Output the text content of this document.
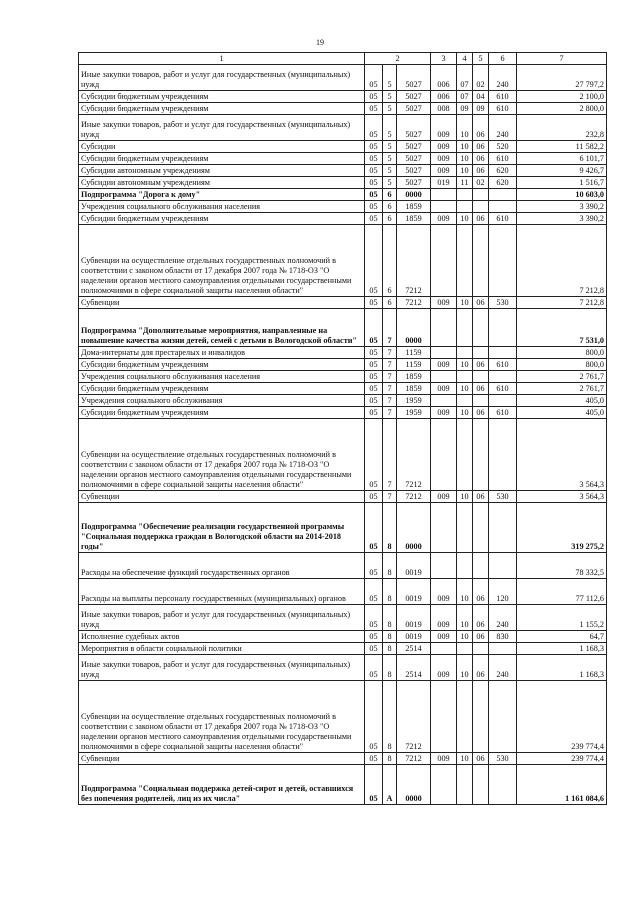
19
1	2			3	4	5	6	7
Иные закупки товаров, работ и услуг для государственных (муниципальных) нужд	05	5	5027	006	07	02	240	27 797,2
Субсидии бюджетным учреждениям	05	5	5027	006	07	04	610	2 100,0
Субсидии бюджетным учреждениям	05	5	5027	008	09	09	610	2 800,0
Иные закупки товаров, работ и услуг для государственных (муниципальных) нужд	05	5	5027	009	10	06	240	232,8
Субсидии	05	5	5027	009	10	06	520	11 582,2
Субсидии бюджетным учреждениям	05	5	5027	009	10	06	610	6 101,7
Субсидии автономным учреждениям	05	5	5027	009	10	06	620	9 426,7
Субсидии автономным учреждениям	05	5	5027	019	11	02	620	1 516,7
Подпрограмма "Дорога к дому"	05	6	0000					10 603,0
Учреждения социального обслуживания населения	05	6	1859					3 390,2
Субсидии бюджетным учреждениям	05	6	1859	009	10	06	610	3 390,2
Субвенции на осуществление отдельных государственных полномочий в соответствии с законом области от 17 декабря 2007 года № 1718-ОЗ "О наделении органов местного самоуправления отдельными государственными полномочиями в сфере социальной защиты населения области"	05	6	7212					7 212,8
Субвенции	05	6	7212	009	10	06	530	7 212,8
Подпрограмма "Дополнительные мероприятия, направленные на повышение качества жизни детей, семей с детьми в Вологодской области"	05	7	0000					7 531,0
Дома-интернаты для престарелых и инвалидов	05	7	1159					800,0
Субсидии бюджетным учреждениям	05	7	1159	009	10	06	610	800,0
Учреждения социального обслуживания населения	05	7	1859					2 761,7
Субсидии бюджетным учреждениям	05	7	1859	009	10	06	610	2 761,7
Учреждения социального обслуживания	05	7	1959					405,0
Субсидии бюджетным учреждениям	05	7	1959	009	10	06	610	405,0
Субвенции на осуществление отдельных государственных полномочий в соответствии с законом области от 17 декабря 2007 года № 1718-ОЗ "О наделении органов местного самоуправления отдельными государственными полномочиями в сфере социальной защиты населения области"	05	7	7212					3 564,3
Субвенции	05	7	7212	009	10	06	530	3 564,3
Подпрограмма "Обеспечение реализации государственной программы "Социальная поддержка граждан в Вологодской области на 2014-2018 годы"	05	8	0000					319 275,2
Расходы на обеспечение функций государственных органов	05	8	0019					78 332,5
Расходы на выплаты персоналу государственных (муниципальных) органов	05	8	0019	009	10	06	120	77 112,6
Иные закупки товаров, работ и услуг для государственных (муниципальных) нужд	05	8	0019	009	10	06	240	1 155,2
Исполнение судебных актов	05	8	0019	009	10	06	830	64,7
Мероприятия в области социальной политики	05	8	2514					1 168,3
Иные закупки товаров, работ и услуг для государственных (муниципальных) нужд	05	8	2514	009	10	06	240	1 168,3
Субвенции на осуществление отдельных государственных полномочий в соответствии с законом области от 17 декабря 2007 года № 1718-ОЗ "О наделении органов местного самоуправления отдельными государственными полномочиями в сфере социальной защиты населения области"	05	8	7212					239 774,4
Субвенции	05	8	7212	009	10	06	530	239 774,4
Подпрограмма "Социальная поддержка детей-сирот и детей, оставшихся без попечения родителей, лиц из их числа"	05	А	0000					1 161 084,6
